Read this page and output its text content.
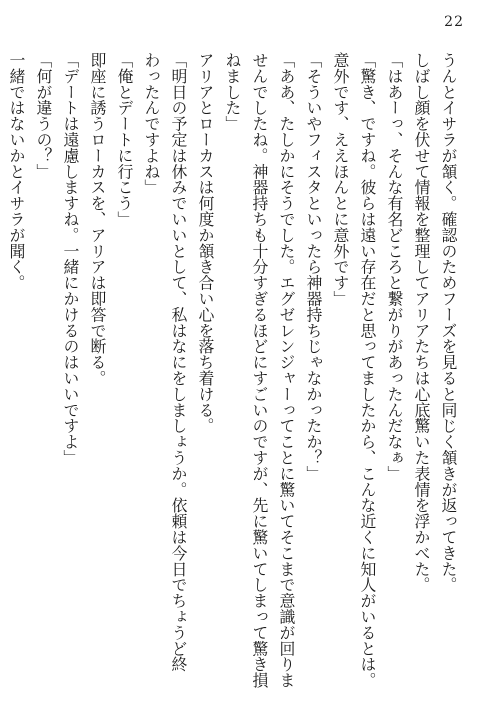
22
うんとイサラが頷く。確認のためフーズを見ると同じく頷きが返ってきた。
しばし顔を伏せて情報を整理してアリアたちは心底驚いた表情を浮かべた。
「はあーっ、そんな有名どころと繋がりがあったんだなぁ」
「驚き、ですね。彼らは遠い存在だと思ってましたから、こんな近くに知人がいるとは。
意外です、ええほんとに意外です」
「そういやフィスタといったら神器持ちじゃなかったか？」
「ああ、たしかにそうでした。エグゼレンジャーってことに驚いてそこまで意識が回りま
せんでしたね。神器持ちも十分すぎるほどにすごいのですが、先に驚いてしまって驚き損
ねました」
アリアとローカスは何度か頷き合い心を落ち着ける。
「明日の予定は休みでいいとして、私はなにをしましょうか。依頼は今日でちょうど終
わったんですよね」
「俺とデートに行こう」
即座に誘うローカスを、アリアは即答で断る。
「デートは遠慮しますね。一緒にかけるのはいいですよ」
「何が違うの？」
一緒ではないかとイサラが聞く。
